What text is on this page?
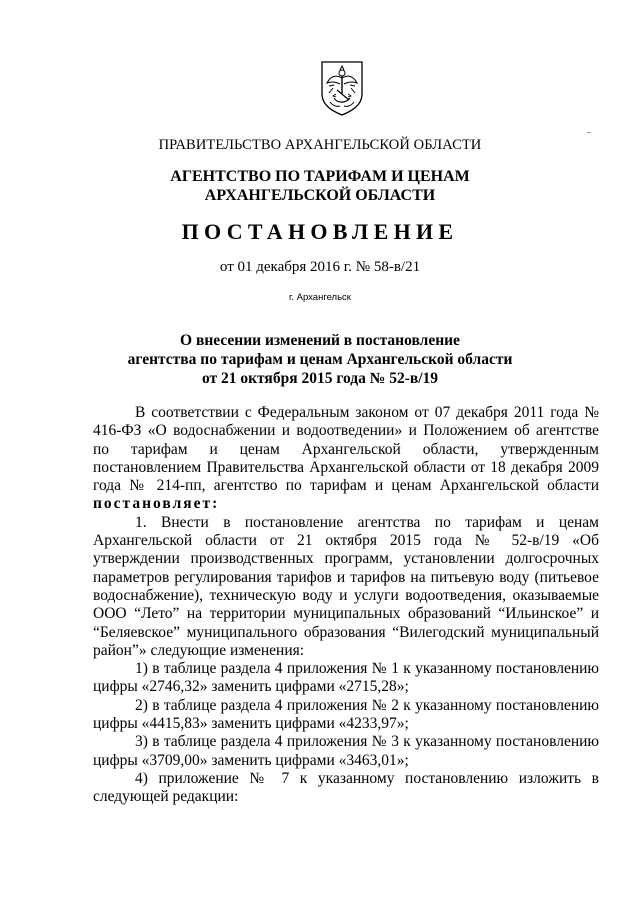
ПРАВИТЕЛЬСТВО АРХАНГЕЛЬСКОЙ ОБЛАСТИ
АГЕНТСТВО ПО ТАРИФАМ И ЦЕНАМ
АРХАНГЕЛЬСКОЙ ОБЛАСТИ
ПОСТАНОВЛЕНИЕ
от 01 декабря 2016 г. № 58-в/21
г. Архангельск
О внесении изменений в постановление
агентства по тарифам и ценам Архангельской области
от 21 октября 2015 года № 52-в/19

В соответствии с Федеральным законом от 07 декабря 2011 года № 416-ФЗ «О водоснабжении и водоотведении» и Положением об агентстве по тарифам и ценам Архангельской области, утвержденным постановлением Правительства Архангельской области от 18 декабря 2009 года № 214-пп, агентство по тарифам и ценам Архангельской области постановляет:

1. Внести в постановление агентства по тарифам и ценам Архангельской области от 21 октября 2015 года № 52-в/19 «Об утверждении производственных программ, установлении долгосрочных параметров регулирования тарифов и тарифов на питьевую воду (питьевое водоснабжение), техническую воду и услуги водоотведения, оказываемые ООО “Лето” на территории муниципальных образований “Ильинское” и “Беляевское” муниципального образования “Вилегодский муниципальный район”» следующие изменения:

1) в таблице раздела 4 приложения № 1 к указанному постановлению цифры «2746,32» заменить цифрами «2715,28»;

2) в таблице раздела 4 приложения № 2 к указанному постановлению цифры «4415,83» заменить цифрами «4233,97»;

3) в таблице раздела 4 приложения № 3 к указанному постановлению цифры «3709,00» заменить цифрами «3463,01»;

4) приложение № 7 к указанному постановлению изложить в следующей редакции:
